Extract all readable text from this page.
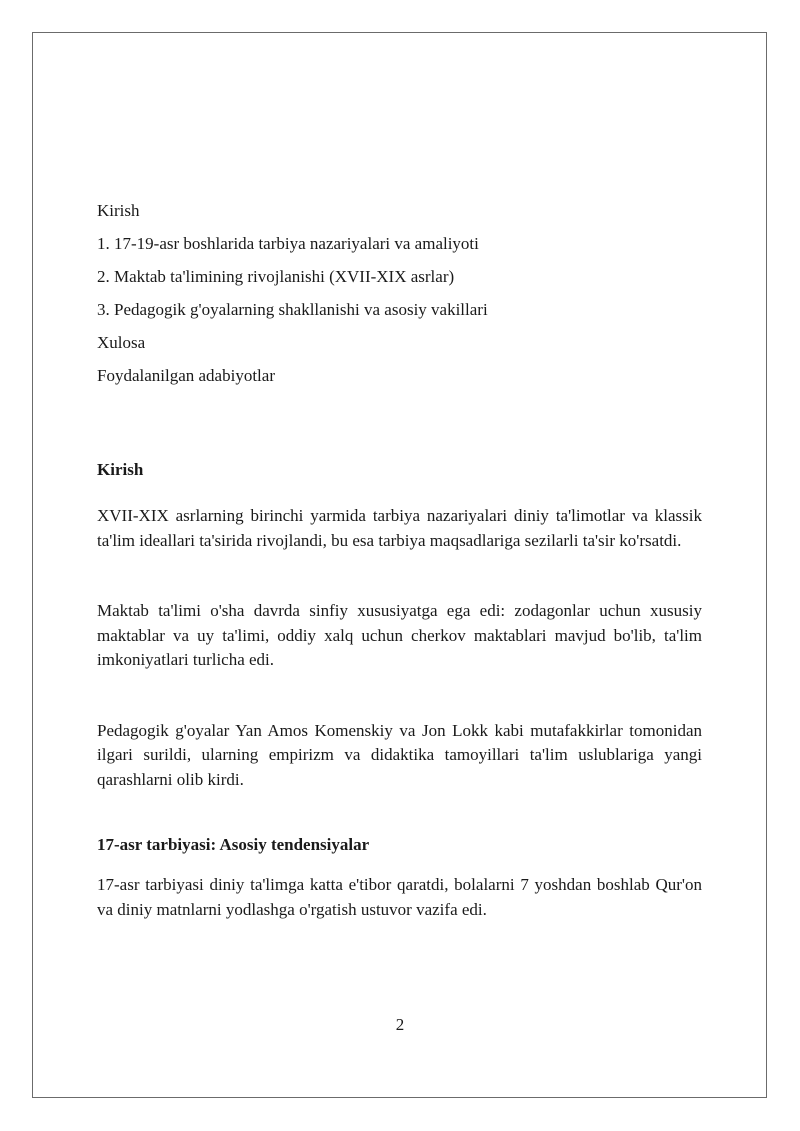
Kirish

1. 17-19-asr boshlarida tarbiya nazariyalari va amaliyoti

2. Maktab ta'limining rivojlanishi (XVII-XIX asrlar)

3. Pedagogik g'oyalarning shakllanishi va asosiy vakillari

Xulosa

Foydalanilgan adabiyotlar

Kirish

XVII-XIX asrlarning birinchi yarmida tarbiya nazariyalari diniy ta'limotlar va klassik ta'lim ideallari ta'sirida rivojlandi, bu esa tarbiya maqsadlariga sezilarli ta'sir ko'rsatdi.

Maktab ta'limi o'sha davrda sinfiy xususiyatga ega edi: zodagonlar uchun xususiy maktablar va uy ta'limi, oddiy xalq uchun cherkov maktablari mavjud bo'lib, ta'lim imkoniyatlari turlicha edi.

Pedagogik g'oyalar Yan Amos Komenskiy va Jon Lokk kabi mutafakkirlar tomonidan ilgari surildi, ularning empirizm va didaktika tamoyillari ta'lim uslublariga yangi qarashlarni olib kirdi.

17-asr tarbiyasi: Asosiy tendensiyalar

17-asr tarbiyasi diniy ta'limga katta e'tibor qaratdi, bolalarni 7 yoshdan boshlab Qur'on va diniy matnlarni yodlashga o'rgatish ustuvor vazifa edi.

2
